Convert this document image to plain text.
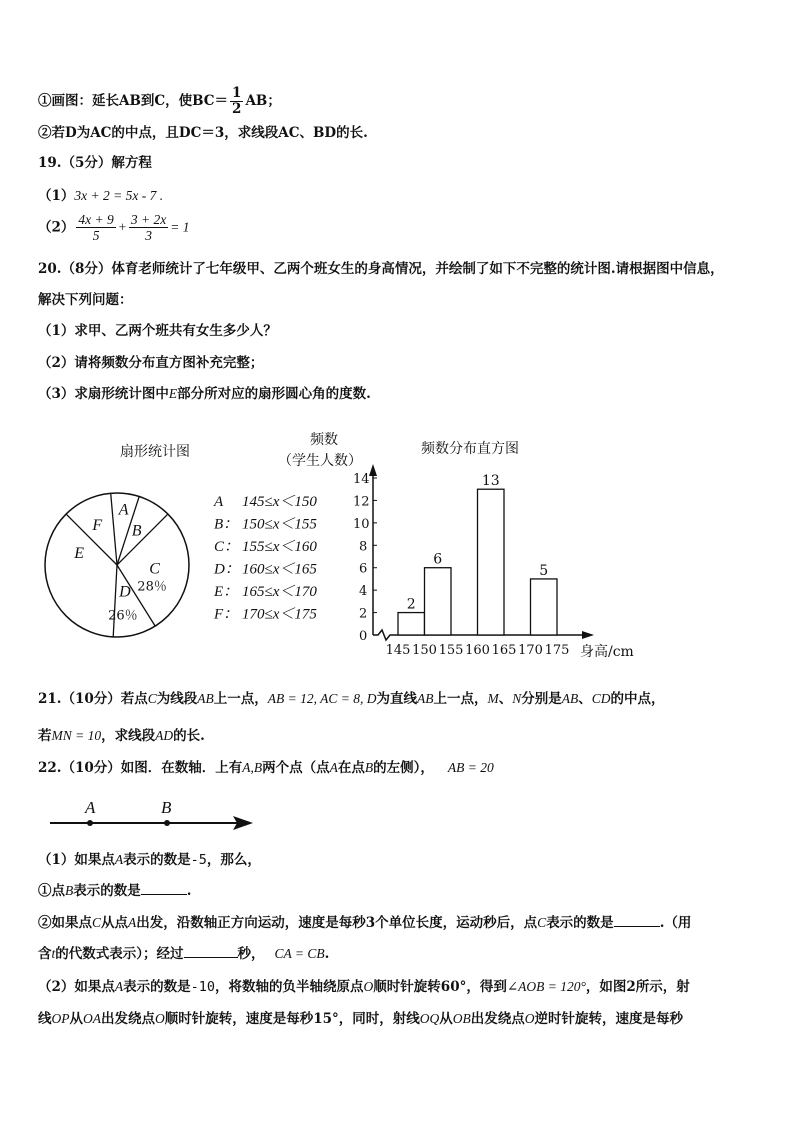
①画图：延长AB到C，使$BC= \frac{1}{2}$ AB；
②若D为AC的中点，且DC＝3，求线段AC、BD的长.
19.（5分）解方程
（1）3x + 2 = 5x - 7 .
$(2) \frac{4x + 9}{5} + \frac{3 + 2x}{3} = 1$
20.（8分）体育老师统计了七年级甲、乙两个班女生的身高情况，并绘制了如下不完整的统计图.请根据图中信息，
解决下列问题：
（1）求甲、乙两个班共有女生多少人？
（2）请将频数分布直方图补充完整；
（3）求扇形统计图中E部分所对应的扇形圆心角的度数.
扇形统计图
F
A
B
C
28％
D
26％
E
A 145≤x＜150
B： 150≤x＜155
C： 155≤x＜160
D： 160≤x＜165
E： 165≤x＜170
F： 170≤x＜175
频数
（学生人数）
频数分布直方图
0
2
4
6
8
10
12
14
2
6
13
5
145 150 155 160 165 170 175 身高/cm
21.（10分）若点C为线段AB上一点，AB = 12, AC = 8, D为直线AB上一点，M、N分别是AB、CD的中点，
若MN = 10，求线段AD的长.
22.（10分）如图．在数轴．上有A,B两个点（点A在点B的左侧）， AB = 20
A	B
（1）如果点A表示的数是-5，那么，
①点B表示的数是	.
②如果点C从点A出发，沿数轴正方向运动，速度是每秒3个单位长度，运动秒后，点C表示的数是	.（用
含t的代数式表示）；经过	秒， CA = CB.
（2）如果点A表示的数是-10，将数轴的负半轴绕原点O顺时针旋转60°，得到∠AOB = 120°，如图2所示，射
线OP从OA出发绕点O顺时针旋转，速度是每秒15°，同时，射线OQ从OB出发绕点O逆时针旋转，速度是每秒
